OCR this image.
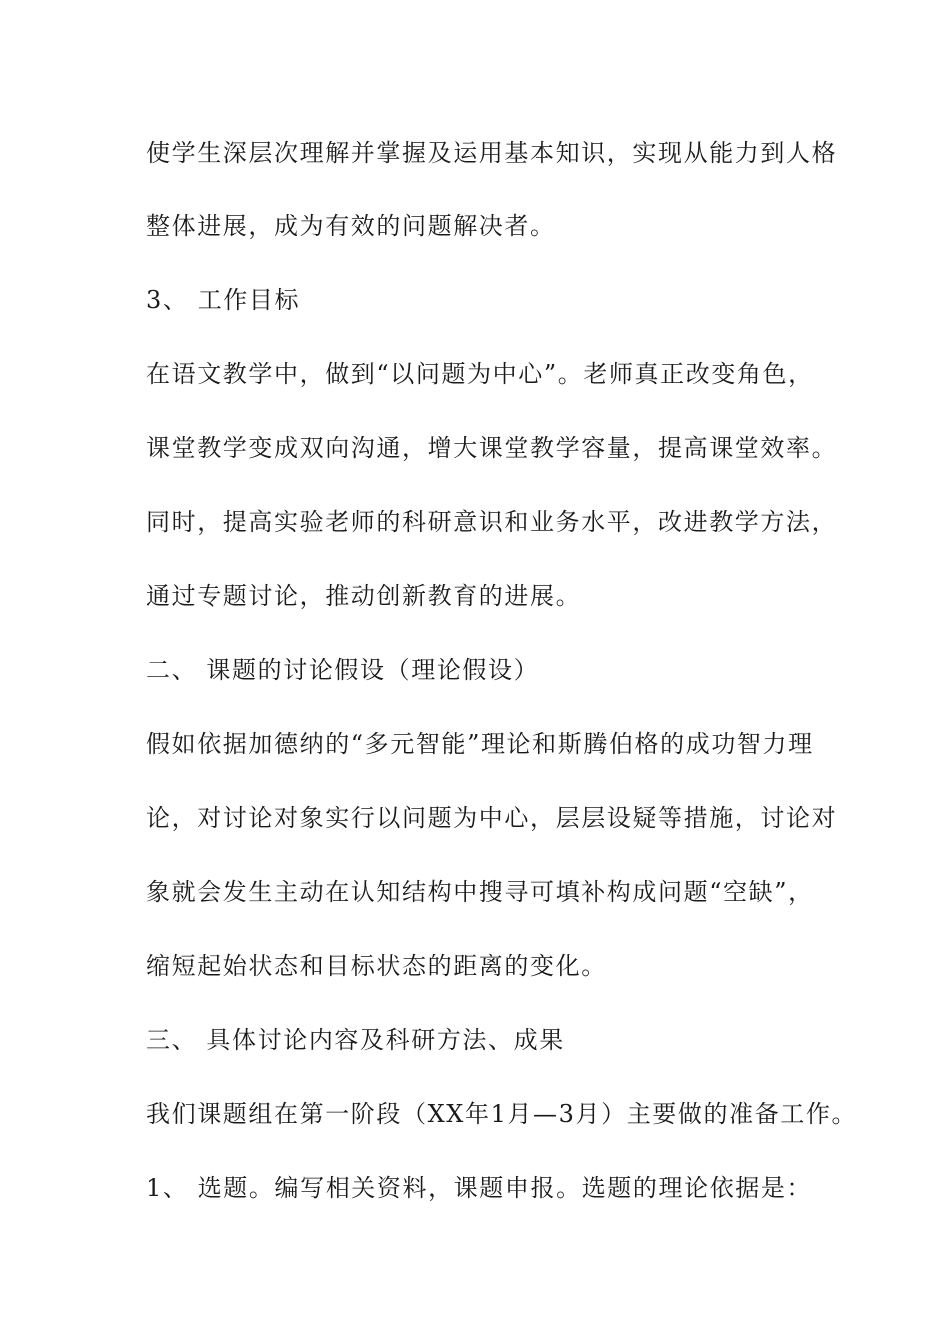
使学生深层次理解并掌握及运用基本知识，实现从能力到人格
整体进展，成为有效的问题解决者。
3、 工作目标
在语文教学中，做到“以问题为中心”。老师真正改变角色，
课堂教学变成双向沟通，增大课堂教学容量，提高课堂效率。
同时，提高实验老师的科研意识和业务水平，改进教学方法，
通过专题讨论，推动创新教育的进展。
二、 课题的讨论假设（理论假设）
假如依据加德纳的“多元智能”理论和斯腾伯格的成功智力理
论，对讨论对象实行以问题为中心，层层设疑等措施，讨论对
象就会发生主动在认知结构中搜寻可填补构成问题“空缺”，
缩短起始状态和目标状态的距离的变化。
三、 具体讨论内容及科研方法、成果
我们课题组在第一阶段（XX年1月—3月）主要做的准备工作。
1、 选题。编写相关资料，课题申报。选题的理论依据是：
